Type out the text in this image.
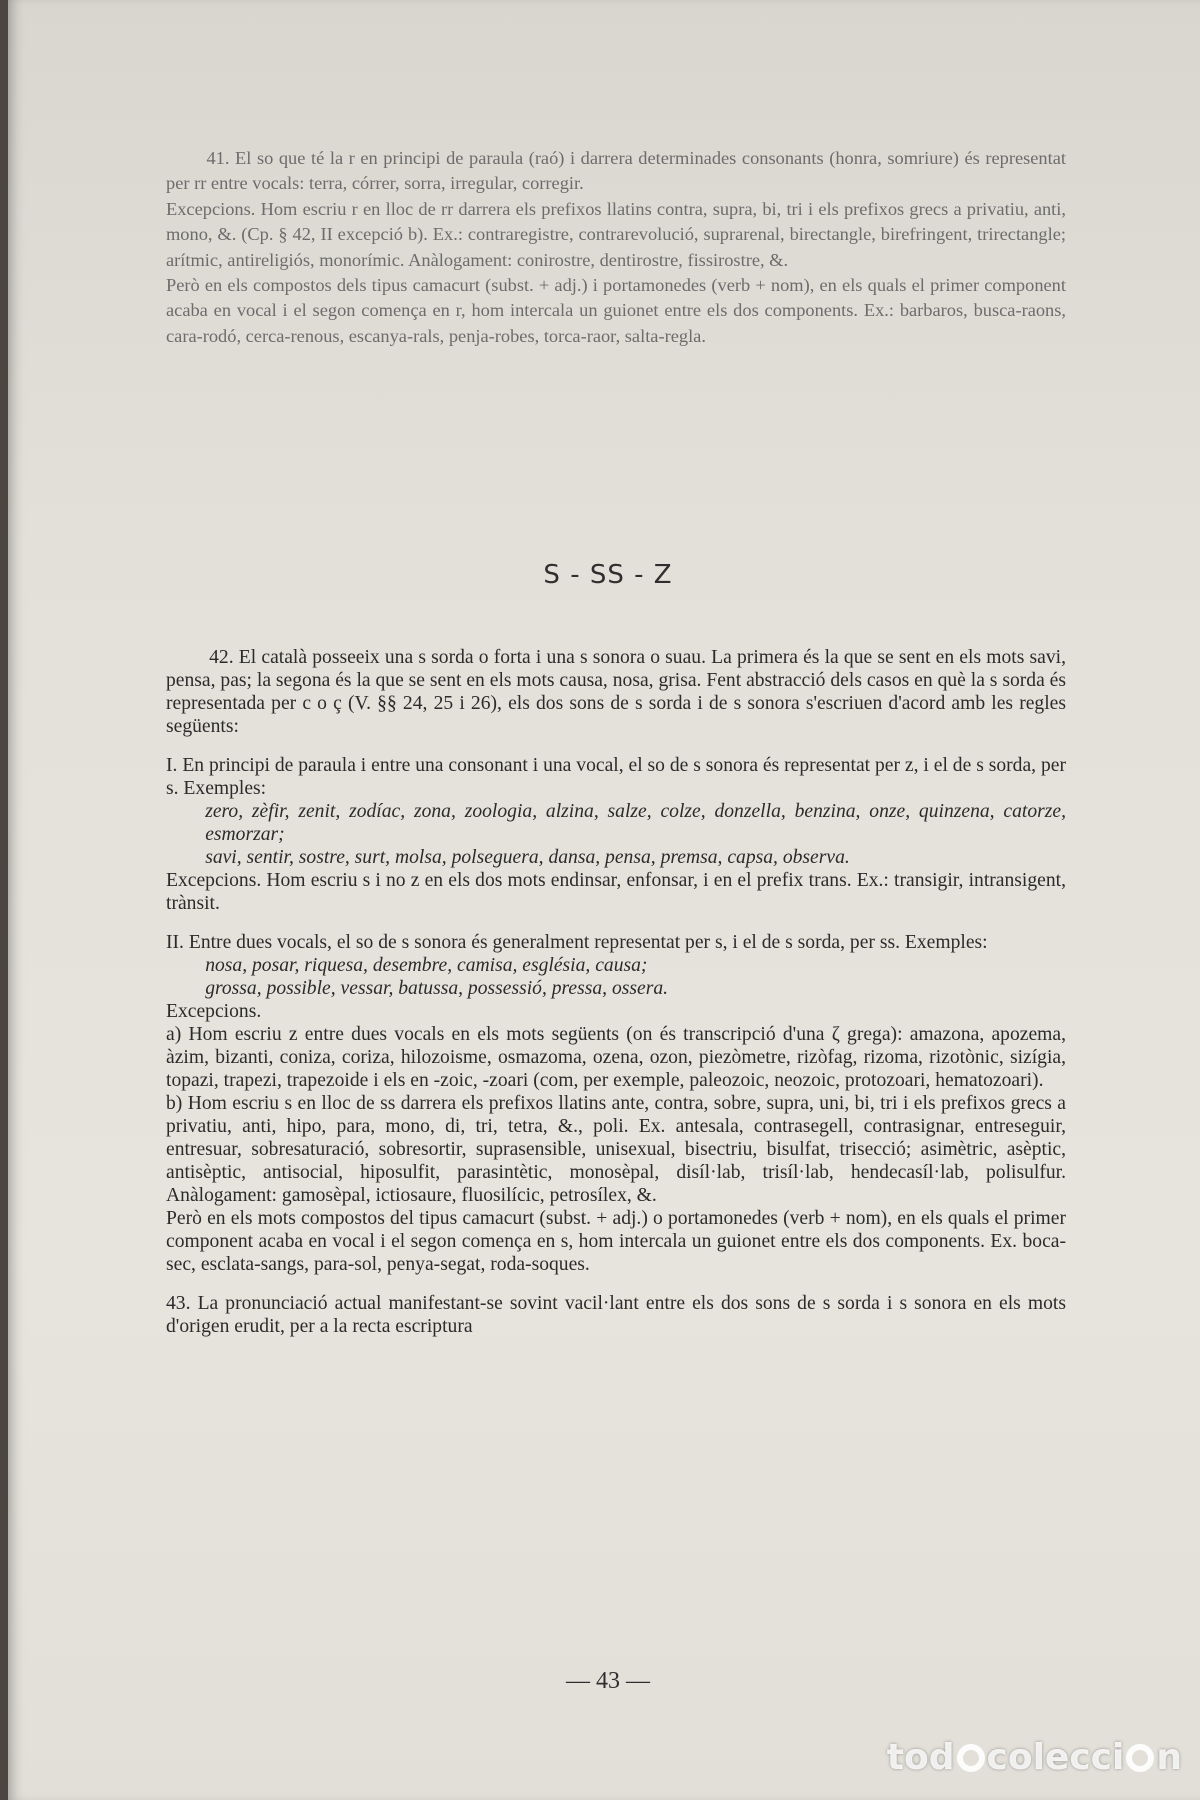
41. El so que té la r en principi de paraula (raó) i darrera determinades consonants (honra, somriure) és representat per rr entre vocals: terra, córrer, sorra, irregular, corregir.

Excepcions. Hom escriu r en lloc de rr darrera els prefixos llatins contra, supra, bi, tri i els prefixos grecs a privatiu, anti, mono, &. (Cp. § 42, II excepció b). Ex.: contraregistre, contrarevolució, suprarenal, birectangle, birefringent, trirectangle; arítmic, antireligiós, monorímic. Anàlogament: conirostre, dentirostre, fissirostre, &.

Però en els compostos dels tipus camacurt (subst. + adj.) i portamonedes (verb + nom), en els quals el primer component acaba en vocal i el segon comença en r, hom intercala un guionet entre els dos components. Ex.: barbaros, busca-raons, cara-rodó, cerca-renous, escanya-rals, penja-robes, torca-raor, salta-regla.

S - SS - Z

42. El català posseeix una s sorda o forta i una s sonora o suau. La primera és la que se sent en els mots savi, pensa, pas; la segona és la que se sent en els mots causa, nosa, grisa. Fent abstracció dels casos en què la s sorda és representada per c o ç (V. §§ 24, 25 i 26), els dos sons de s sorda i de s sonora s'escriuen d'acord amb les regles següents:

I. En principi de paraula i entre una consonant i una vocal, el so de s sonora és representat per z, i el de s sorda, per s. Exemples:

zero, zèfir, zenit, zodíac, zona, zoologia, alzina, salze, colze, donzella, benzina, onze, quinzena, catorze, esmorzar;

savi, sentir, sostre, surt, molsa, polseguera, dansa, pensa, premsa, capsa, observa.

Excepcions. Hom escriu s i no z en els dos mots endinsar, enfonsar, i en el prefix trans. Ex.: transigir, intransigent, trànsit.

II. Entre dues vocals, el so de s sonora és generalment representat per s, i el de s sorda, per ss. Exemples:

nosa, posar, riquesa, desembre, camisa, església, causa;

grossa, possible, vessar, batussa, possessió, pressa, ossera.

Excepcions.

a) Hom escriu z entre dues vocals en els mots següents (on és transcripció d'una ζ grega): amazona, apozema, àzim, bizanti, coniza, coriza, hilozoisme, osmazoma, ozena, ozon, piezòmetre, rizòfag, rizoma, rizotònic, sizígia, topazi, trapezi, trapezoide i els en -zoic, -zoari (com, per exemple, paleozoic, neozoic, protozoari, hematozoari).

b) Hom escriu s en lloc de ss darrera els prefixos llatins ante, contra, sobre, supra, uni, bi, tri i els prefixos grecs a privatiu, anti, hipo, para, mono, di, tri, tetra, &., poli. Ex. antesala, contrasegell, contrasignar, entreseguir, entresuar, sobresaturació, sobresortir, suprasensible, unisexual, bisectriu, bisulfat, trisecció; asimètric, asèptic, antisèptic, antisocial, hiposulfit, parasintètic, monosèpal, disíl·lab, trisíl·lab, hendecasíl·lab, polisulfur. Anàlogament: gamosèpal, ictiosaure, fluosilícic, petrosílex, &.

Però en els mots compostos del tipus camacurt (subst. + adj.) o portamonedes (verb + nom), en els quals el primer component acaba en vocal i el segon comença en s, hom intercala un guionet entre els dos components. Ex. boca-sec, esclata-sangs, para-sol, penya-segat, roda-soques.

43. La pronunciació actual manifestant-se sovint vacil·lant entre els dos sons de s sorda i s sonora en els mots d'origen erudit, per a la recta escriptura

— 43 —
tod colecci n
